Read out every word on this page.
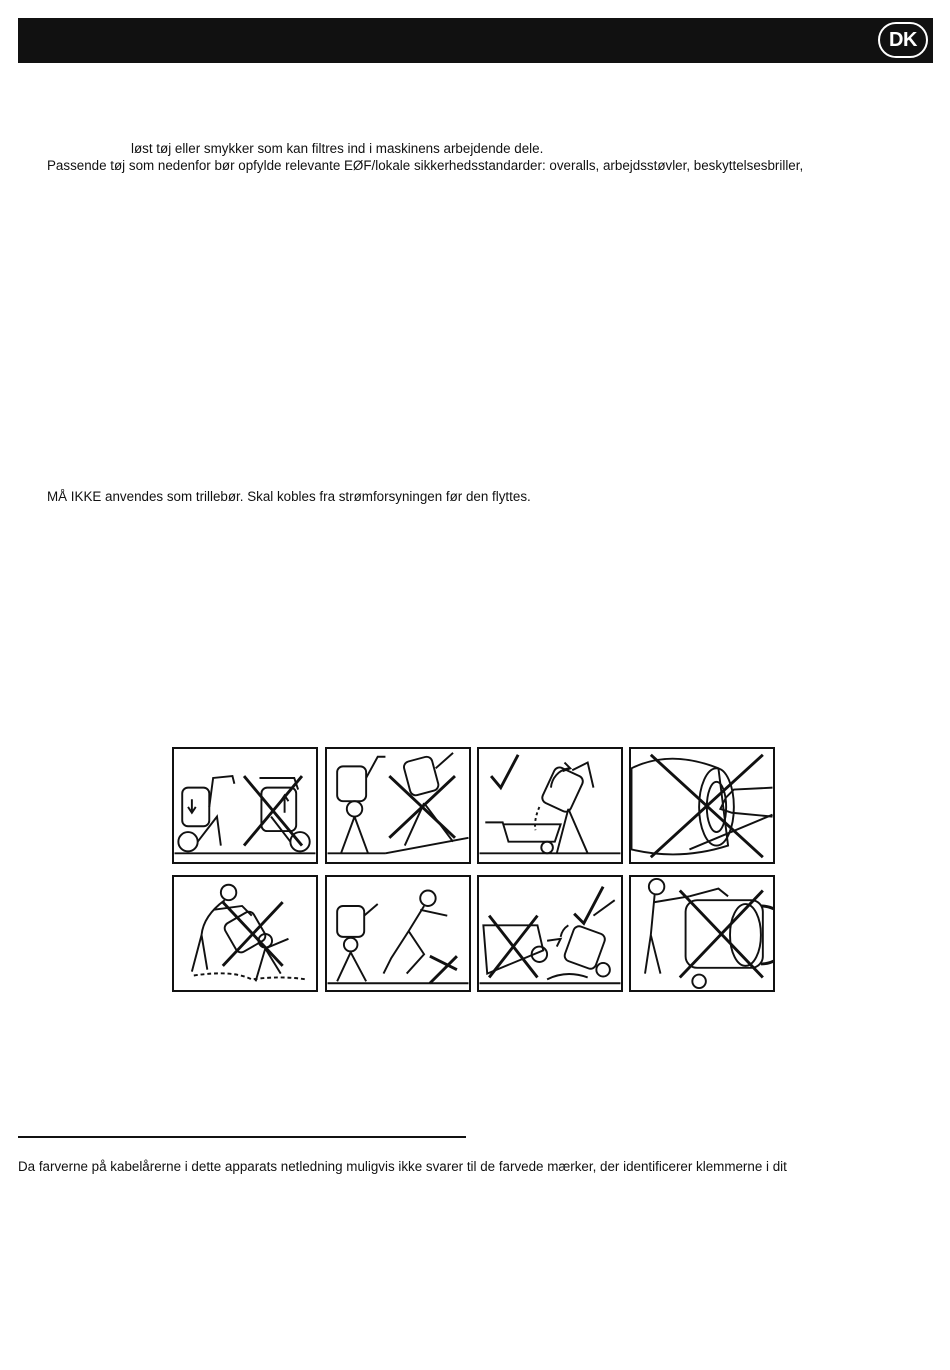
DK
løst tøj eller smykker som kan filtres ind i maskinens arbejdende dele.
Passende tøj som nedenfor bør opfylde relevante EØF/lokale sikkerhedsstandarder: overalls, arbejdsstøvler, beskyttelsesbriller,
MÅ IKKE anvendes som trillebør. Skal kobles fra strømforsyningen før den flyttes.
Da farverne på kabelårerne i dette apparats netledning muligvis ikke svarer til de farvede mærker, der identificerer klemmerne i dit
